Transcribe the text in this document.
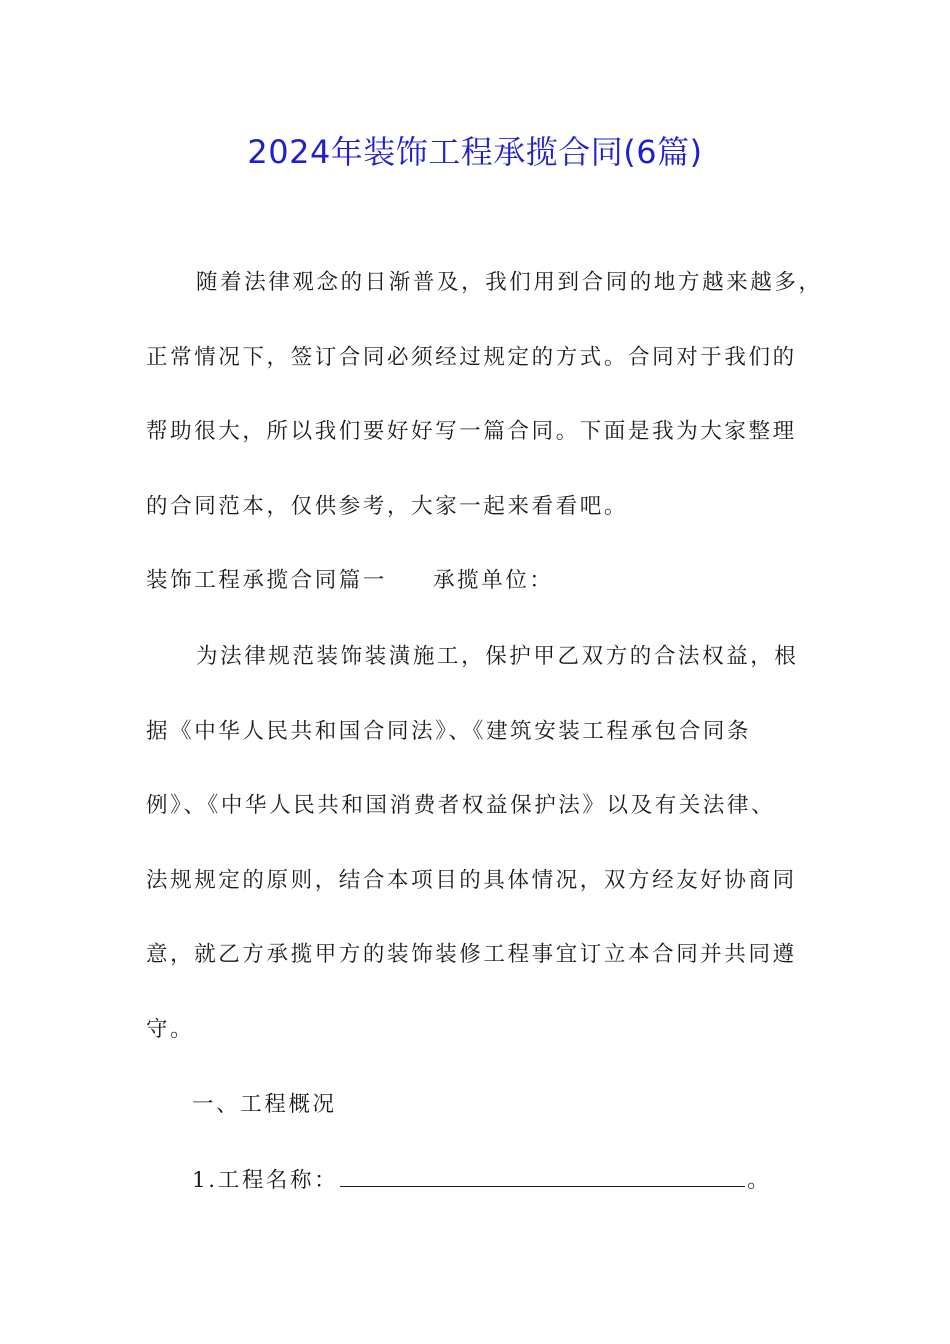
2024年装饰工程承揽合同(6篇)
随着法律观念的日渐普及，我们用到合同的地方越来越多，
正常情况下，签订合同必须经过规定的方式。合同对于我们的
帮助很大，所以我们要好好写一篇合同。下面是我为大家整理
的合同范本，仅供参考，大家一起来看看吧。
装饰工程承揽合同篇一 承揽单位：
为法律规范装饰装潢施工，保护甲乙双方的合法权益，根
据《中华人民共和国合同法》、《建筑安装工程承包合同条
例》、《中华人民共和国消费者权益保护法》以及有关法律、
法规规定的原则，结合本项目的具体情况，双方经友好协商同
意，就乙方承揽甲方的装饰装修工程事宜订立本合同并共同遵
守。
一、工程概况
1.工程名称：	。
